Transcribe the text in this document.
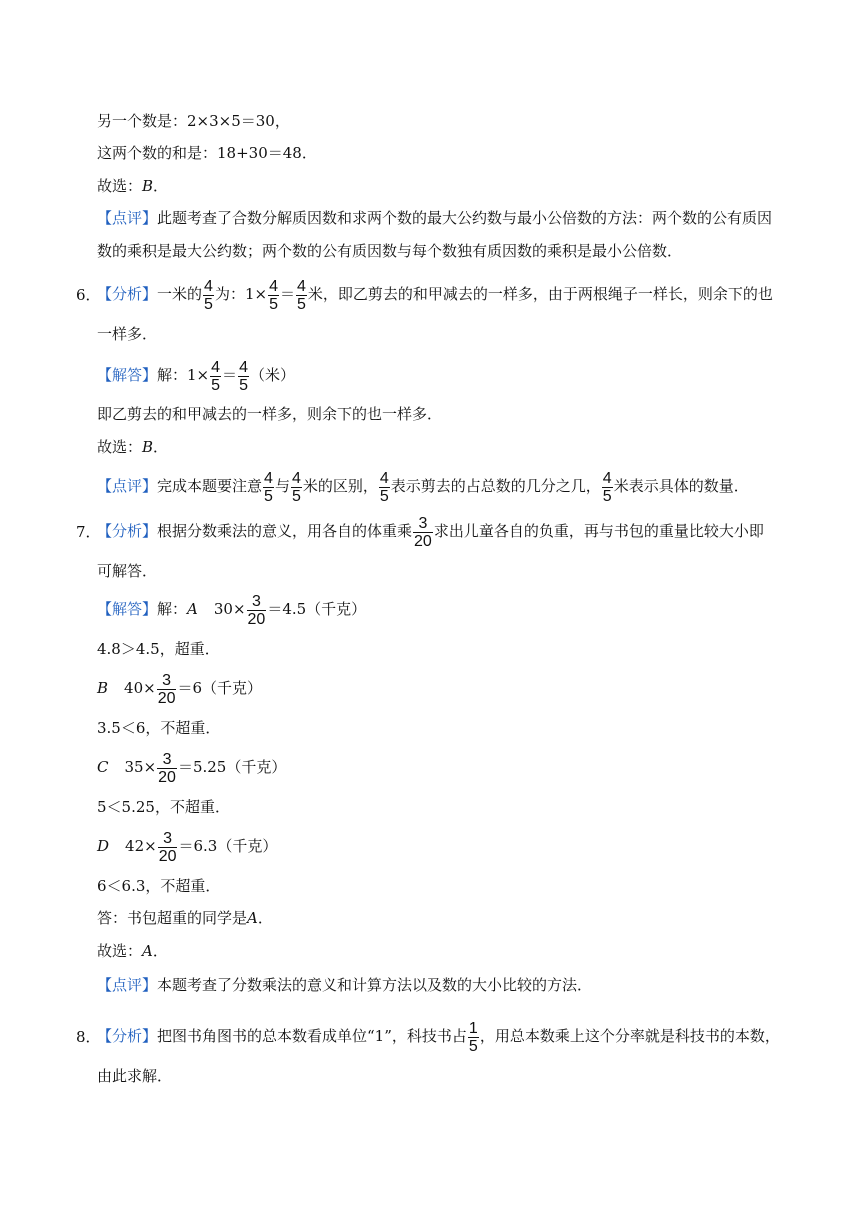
另一个数是：2×3×5＝30，
这两个数的和是：18+30＝48．
故选：B．
【点评】此题考查了合数分解质因数和求两个数的最大公约数与最小公倍数的方法：两个数的公有质因
数的乘积是最大公约数；两个数的公有质因数与每个数独有质因数的乘积是最小公倍数．
6．
【分析】一米的 $\frac{4}{5}$ 为：$1\times \frac{4}{5} = \frac{4}{5}$ 米，即乙剪去的和甲减去的一样多，由于两根绳子一样长，则余下的也
一样多．
【解答】解：$1\times \frac{4}{5} = \frac{4}{5}$ （米）
即乙剪去的和甲减去的一样多，则余下的也一样多．
故选：B．
【点评】完成本题要注意 $\frac{4}{5}$ 与 $\frac{4}{5}$ 米的区别， $\frac{4}{5}$ 表示剪去的占总数的几分之几， $\frac{4}{5}$ 米表示具体的数量．
7．
【分析】根据分数乘法的意义，用各自的体重乘 $\frac{3}{20}$ 求出儿童各自的负重，再与书包的重量比较大小即
可解答．
【解答】解：A $30\times \frac{3}{20} =4.5$（千克）
4.8＞4.5，超重．
B $40\times \frac{3}{20} =6$（千克）
3.5＜6，不超重．
C $35\times \frac{3}{20} =5.25$（千克）
5＜5.25，不超重．
D $42\times \frac{3}{20} =6.3$（千克）
6＜6.3，不超重．
答：书包超重的同学是A．
故选：A．
【点评】本题考查了分数乘法的意义和计算方法以及数的大小比较的方法．
8．
【分析】把图书角图书的总本数看成单位“1”，科技书占 $\frac{1}{5}$ ，用总本数乘上这个分率就是科技书的本数，
由此求解．
